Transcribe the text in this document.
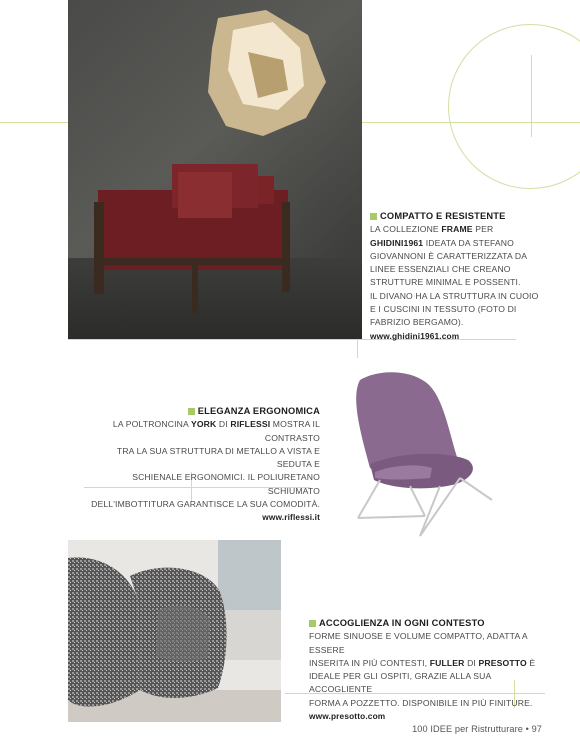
COMPATTO E RESISTENTE
LA COLLEZIONE FRAME PER
GHIDINI1961 IDEATA DA STEFANO
GIOVANNONI È CARATTERIZZATA DA
LINEE ESSENZIALI CHE CREANO
STRUTTURE MINIMAL E POSSENTI.
IL DIVANO HA LA STRUTTURA IN CUOIO
E I CUSCINI IN TESSUTO (FOTO DI
FABRIZIO BERGAMO).
www.ghidini1961.com
ELEGANZA ERGONOMICA
LA POLTRONCINA YORK DI RIFLESSI MOSTRA IL CONTRASTO
TRA LA SUA STRUTTURA DI METALLO A VISTA E SEDUTA E
SCHIENALE ERGONOMICI. IL POLIURETANO SCHIUMATO
DELL'IMBOTTITURA GARANTISCE LA SUA COMODITÀ.
www.riflessi.it
ACCOGLIENZA IN OGNI CONTESTO
FORME SINUOSE E VOLUME COMPATTO, ADATTA A ESSERE
INSERITA IN PIÙ CONTESTI, FULLER DI PRESOTTO È
IDEALE PER GLI OSPITI, GRAZIE ALLA SUA ACCOGLIENTE
FORMA A POZZETTO. DISPONIBILE IN PIÙ FINITURE.
www.presotto.com
100 IDEE per Ristrutturare • 97
